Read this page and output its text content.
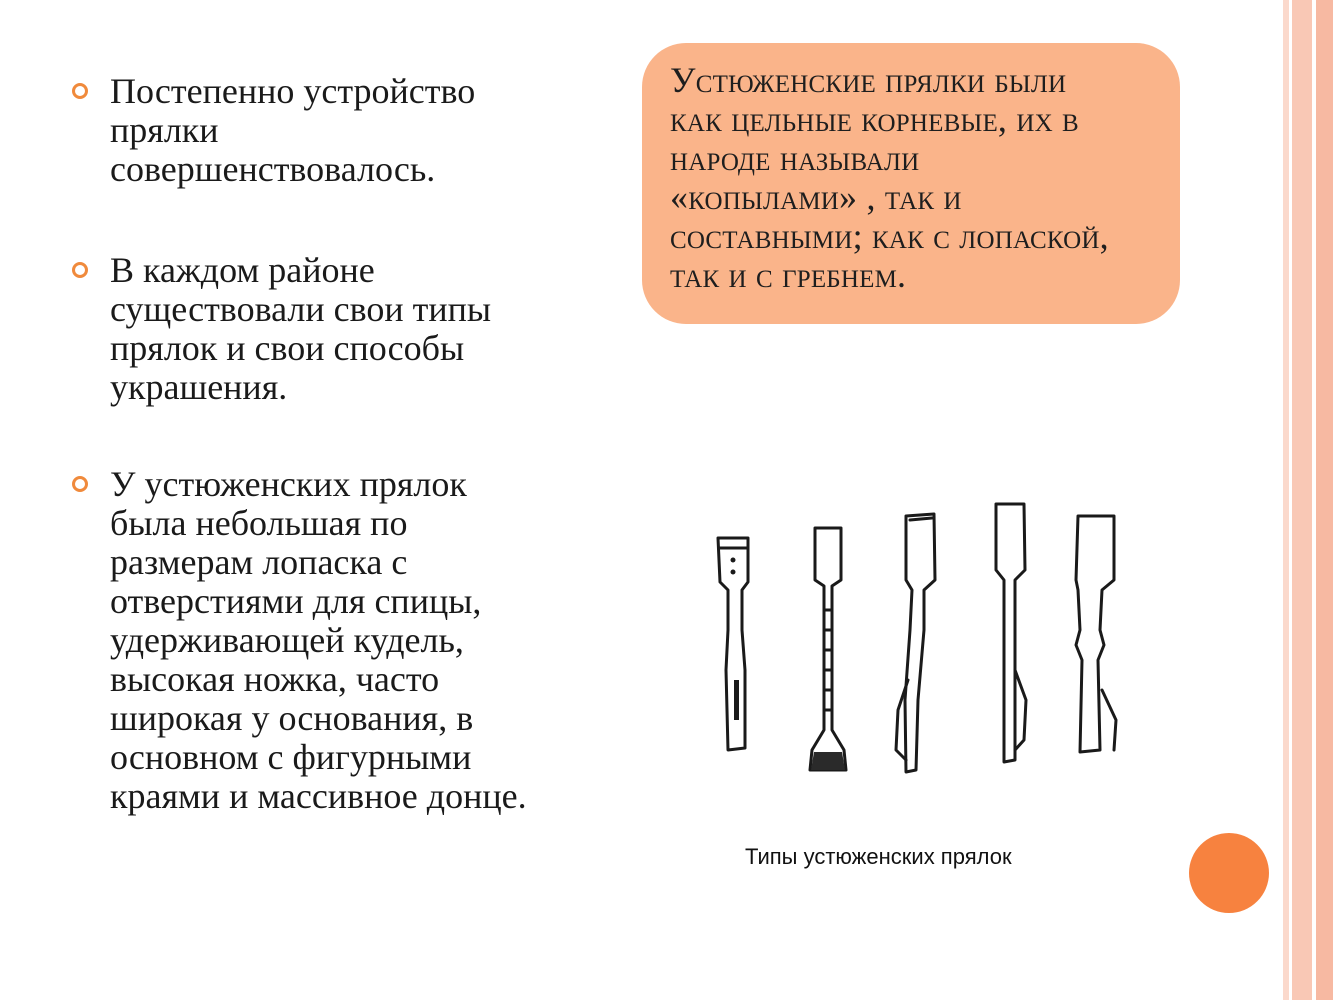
Постепенно устройство
прялки
совершенствовалось.
В каждом районе
существовали свои типы
прялок и свои способы
украшения.
У устюженских прялок
была небольшая по
размерам лопаска с
отверстиями для спицы,
удерживающей кудель,
высокая ножка, часто
широкая у основания, в
основном с фигурными
краями и массивное донце.
Устюженские прялки были
как цельные корневые, их в
народе называли
«копылами» , так и
составными; как с лопаской,
так и с гребнем.
Типы устюженских прялок
